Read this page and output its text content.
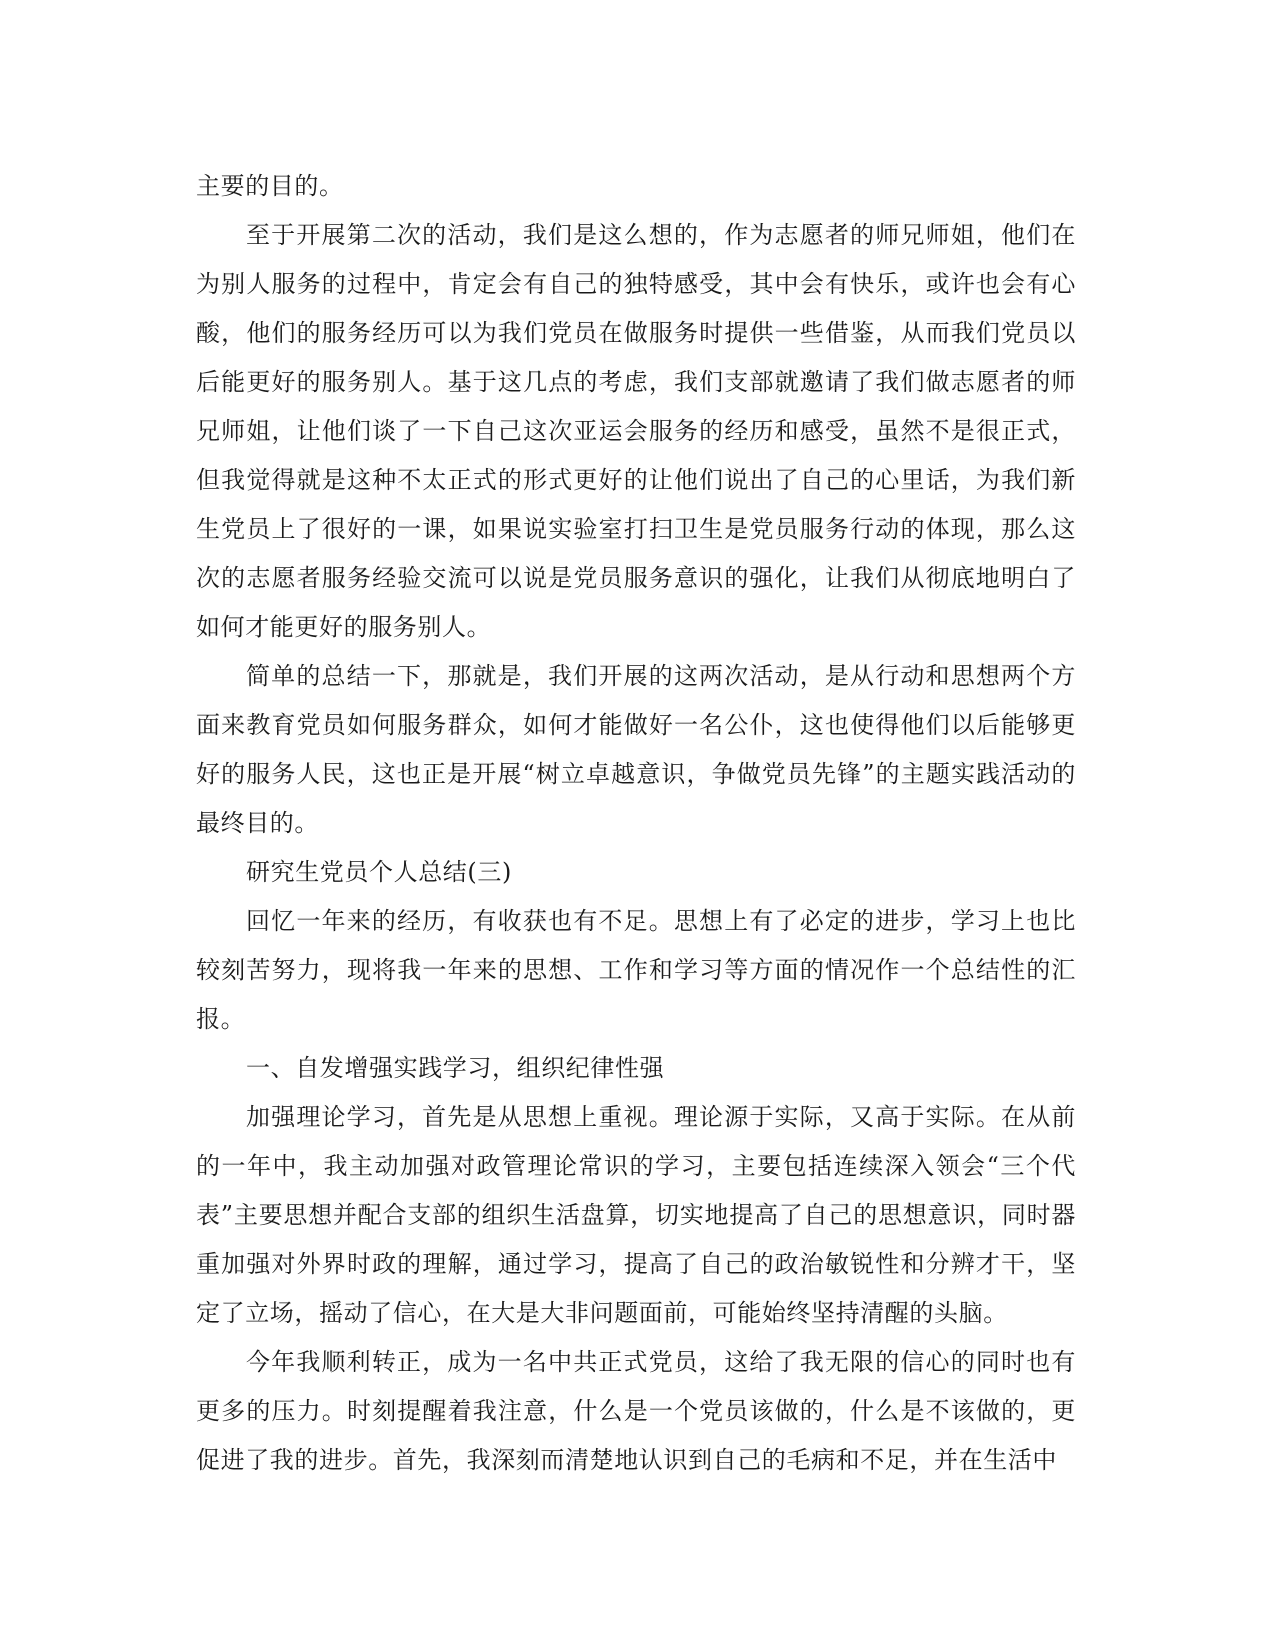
主要的目的。

至于开展第二次的活动，我们是这么想的，作为志愿者的师兄师姐，他们在为别人服务的过程中，肯定会有自己的独特感受，其中会有快乐，或许也会有心酸，他们的服务经历可以为我们党员在做服务时提供一些借鉴，从而我们党员以后能更好的服务别人。基于这几点的考虑，我们支部就邀请了我们做志愿者的师兄师姐，让他们谈了一下自己这次亚运会服务的经历和感受，虽然不是很正式，但我觉得就是这种不太正式的形式更好的让他们说出了自己的心里话，为我们新生党员上了很好的一课，如果说实验室打扫卫生是党员服务行动的体现，那么这次的志愿者服务经验交流可以说是党员服务意识的强化，让我们从彻底地明白了如何才能更好的服务别人。

简单的总结一下，那就是，我们开展的这两次活动，是从行动和思想两个方面来教育党员如何服务群众，如何才能做好一名公仆，这也使得他们以后能够更好的服务人民，这也正是开展“树立卓越意识，争做党员先锋”的主题实践活动的最终目的。

研究生党员个人总结(三)

回忆一年来的经历，有收获也有不足。思想上有了必定的进步，学习上也比较刻苦努力，现将我一年来的思想、工作和学习等方面的情况作一个总结性的汇报。

一、自发增强实践学习，组织纪律性强

加强理论学习，首先是从思想上重视。理论源于实际，又高于实际。在从前的一年中，我主动加强对政管理论常识的学习，主要包括连续深入领会“三个代表”主要思想并配合支部的组织生活盘算，切实地提高了自己的思想意识，同时器重加强对外界时政的理解，通过学习，提高了自己的政治敏锐性和分辨才干，坚定了立场，摇动了信心，在大是大非问题面前，可能始终坚持清醒的头脑。

今年我顺利转正，成为一名中共正式党员，这给了我无限的信心的同时也有更多的压力。时刻提醒着我注意，什么是一个党员该做的，什么是不该做的，更促进了我的进步。首先，我深刻而清楚地认识到自己的毛病和不足，并在生活中
